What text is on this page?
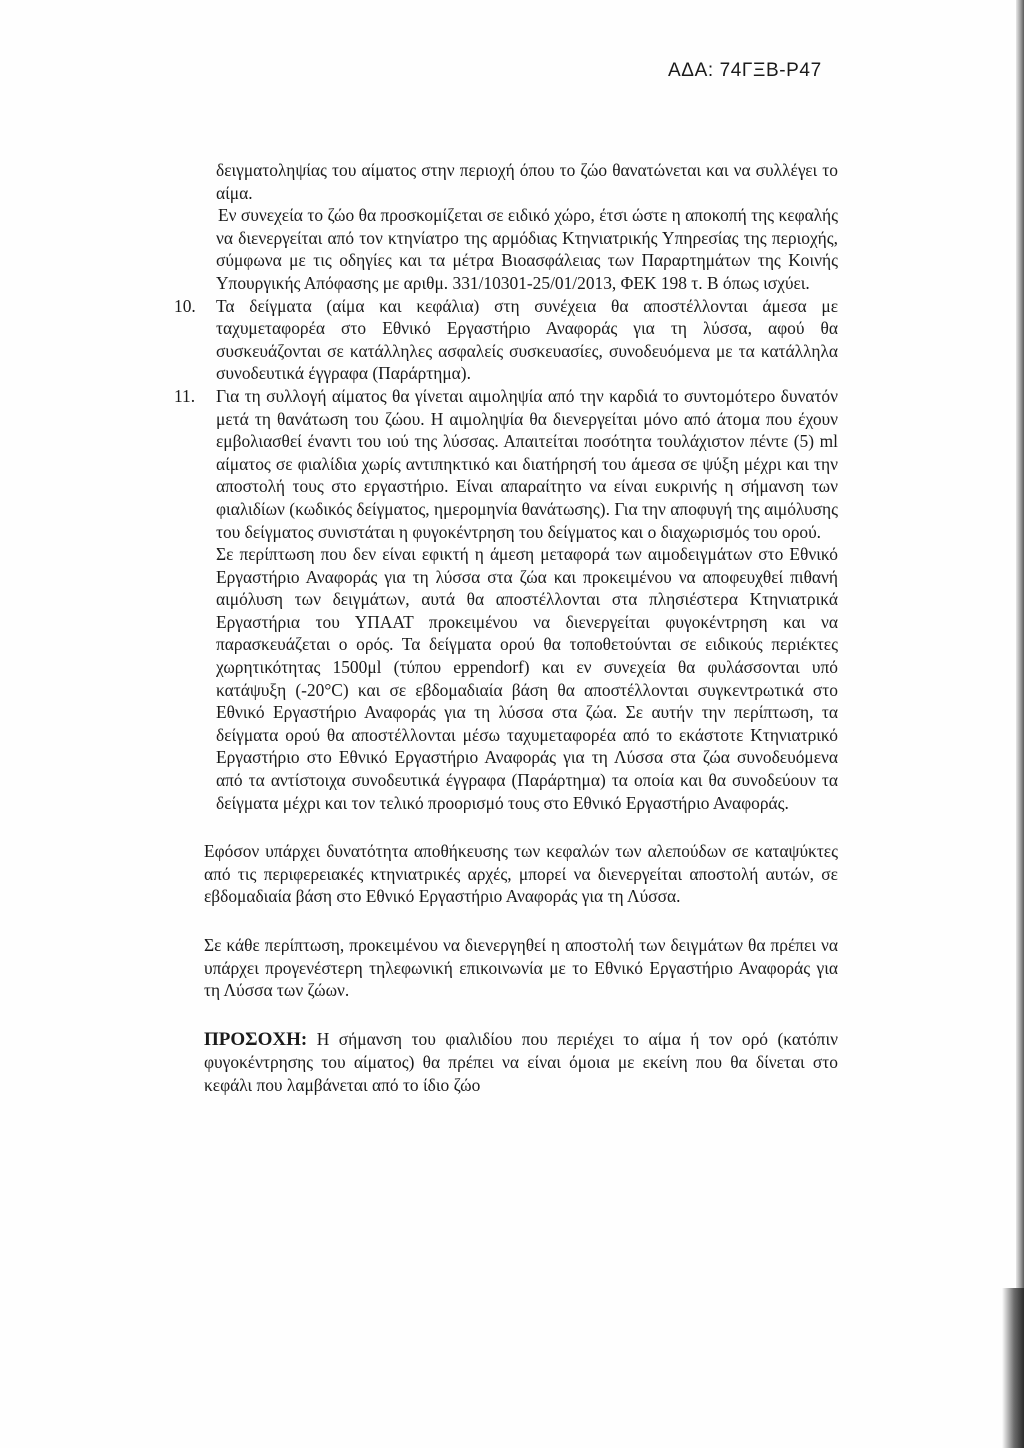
ΑΔΑ: 74ΓΞΒ-Ρ47

δειγματοληψίας του αίματος στην περιοχή όπου το ζώο θανατώνεται και να συλλέγει το αίμα.

Εν συνεχεία το ζώο θα προσκομίζεται σε ειδικό χώρο, έτσι ώστε η αποκοπή της κεφαλής να διενεργείται από τον κτηνίατρο της αρμόδιας Κτηνιατρικής Υπηρεσίας της περιοχής, σύμφωνα με τις οδηγίες και τα μέτρα Βιοασφάλειας των Παραρτημάτων της Κοινής Υπουργικής Απόφασης με αριθμ. 331/10301-25/01/2013, ΦΕΚ 198 τ. Β όπως ισχύει.

10. Τα δείγματα (αίμα και κεφάλια) στη συνέχεια θα αποστέλλονται άμεσα με ταχυμεταφορέα στο Εθνικό Εργαστήριο Αναφοράς για τη λύσσα, αφού θα συσκευάζονται σε κατάλληλες ασφαλείς συσκευασίες, συνοδευόμενα με τα κατάλληλα συνοδευτικά έγγραφα (Παράρτημα).

11. Για τη συλλογή αίματος θα γίνεται αιμοληψία από την καρδιά το συντομότερο δυνατόν μετά τη θανάτωση του ζώου. Η αιμοληψία θα διενεργείται μόνο από άτομα που έχουν εμβολιασθεί έναντι του ιού της λύσσας. Απαιτείται ποσότητα τουλάχιστον πέντε (5) ml αίματος σε φιαλίδια χωρίς αντιπηκτικό και διατήρησή του άμεσα σε ψύξη μέχρι και την αποστολή τους στο εργαστήριο. Είναι απαραίτητο να είναι ευκρινής η σήμανση των φιαλιδίων (κωδικός δείγματος, ημερομηνία θανάτωσης). Για την αποφυγή της αιμόλυσης του δείγματος συνιστάται η φυγοκέντρηση του δείγματος και ο διαχωρισμός του ορού.

Σε περίπτωση που δεν είναι εφικτή η άμεση μεταφορά των αιμοδειγμάτων στο Εθνικό Εργαστήριο Αναφοράς για τη λύσσα στα ζώα και προκειμένου να αποφευχθεί πιθανή αιμόλυση των δειγμάτων, αυτά θα αποστέλλονται στα πλησιέστερα Κτηνιατρικά Εργαστήρια του ΥΠΑΑΤ προκειμένου να διενεργείται φυγοκέντρηση και να παρασκευάζεται ο ορός. Τα δείγματα ορού θα τοποθετούνται σε ειδικούς περιέκτες χωρητικότητας 1500μl (τύπου eppendorf) και εν συνεχεία θα φυλάσσονται υπό κατάψυξη (-20°C) και σε εβδομαδιαία βάση θα αποστέλλονται συγκεντρωτικά στο Εθνικό Εργαστήριο Αναφοράς για τη λύσσα στα ζώα. Σε αυτήν την περίπτωση, τα δείγματα ορού θα αποστέλλονται μέσω ταχυμεταφορέα από το εκάστοτε Κτηνιατρικό Εργαστήριο στο Εθνικό Εργαστήριο Αναφοράς για τη Λύσσα στα ζώα συνοδευόμενα από τα αντίστοιχα συνοδευτικά έγγραφα (Παράρτημα) τα οποία και θα συνοδεύουν τα δείγματα μέχρι και τον τελικό προορισμό τους στο Εθνικό Εργαστήριο Αναφοράς.

Εφόσον υπάρχει δυνατότητα αποθήκευσης των κεφαλών των αλεπούδων σε καταψύκτες από τις περιφερειακές κτηνιατρικές αρχές, μπορεί να διενεργείται αποστολή αυτών, σε εβδομαδιαία βάση στο Εθνικό Εργαστήριο Αναφοράς για τη Λύσσα.

Σε κάθε περίπτωση, προκειμένου να διενεργηθεί η αποστολή των δειγμάτων θα πρέπει να υπάρχει προγενέστερη τηλεφωνική επικοινωνία με το Εθνικό Εργαστήριο Αναφοράς για τη Λύσσα των ζώων.

ΠΡΟΣΟΧΗ: Η σήμανση του φιαλιδίου που περιέχει το αίμα ή τον ορό (κατόπιν φυγοκέντρησης του αίματος) θα πρέπει να είναι όμοια με εκείνη που θα δίνεται στο κεφάλι που λαμβάνεται από το ίδιο ζώο
